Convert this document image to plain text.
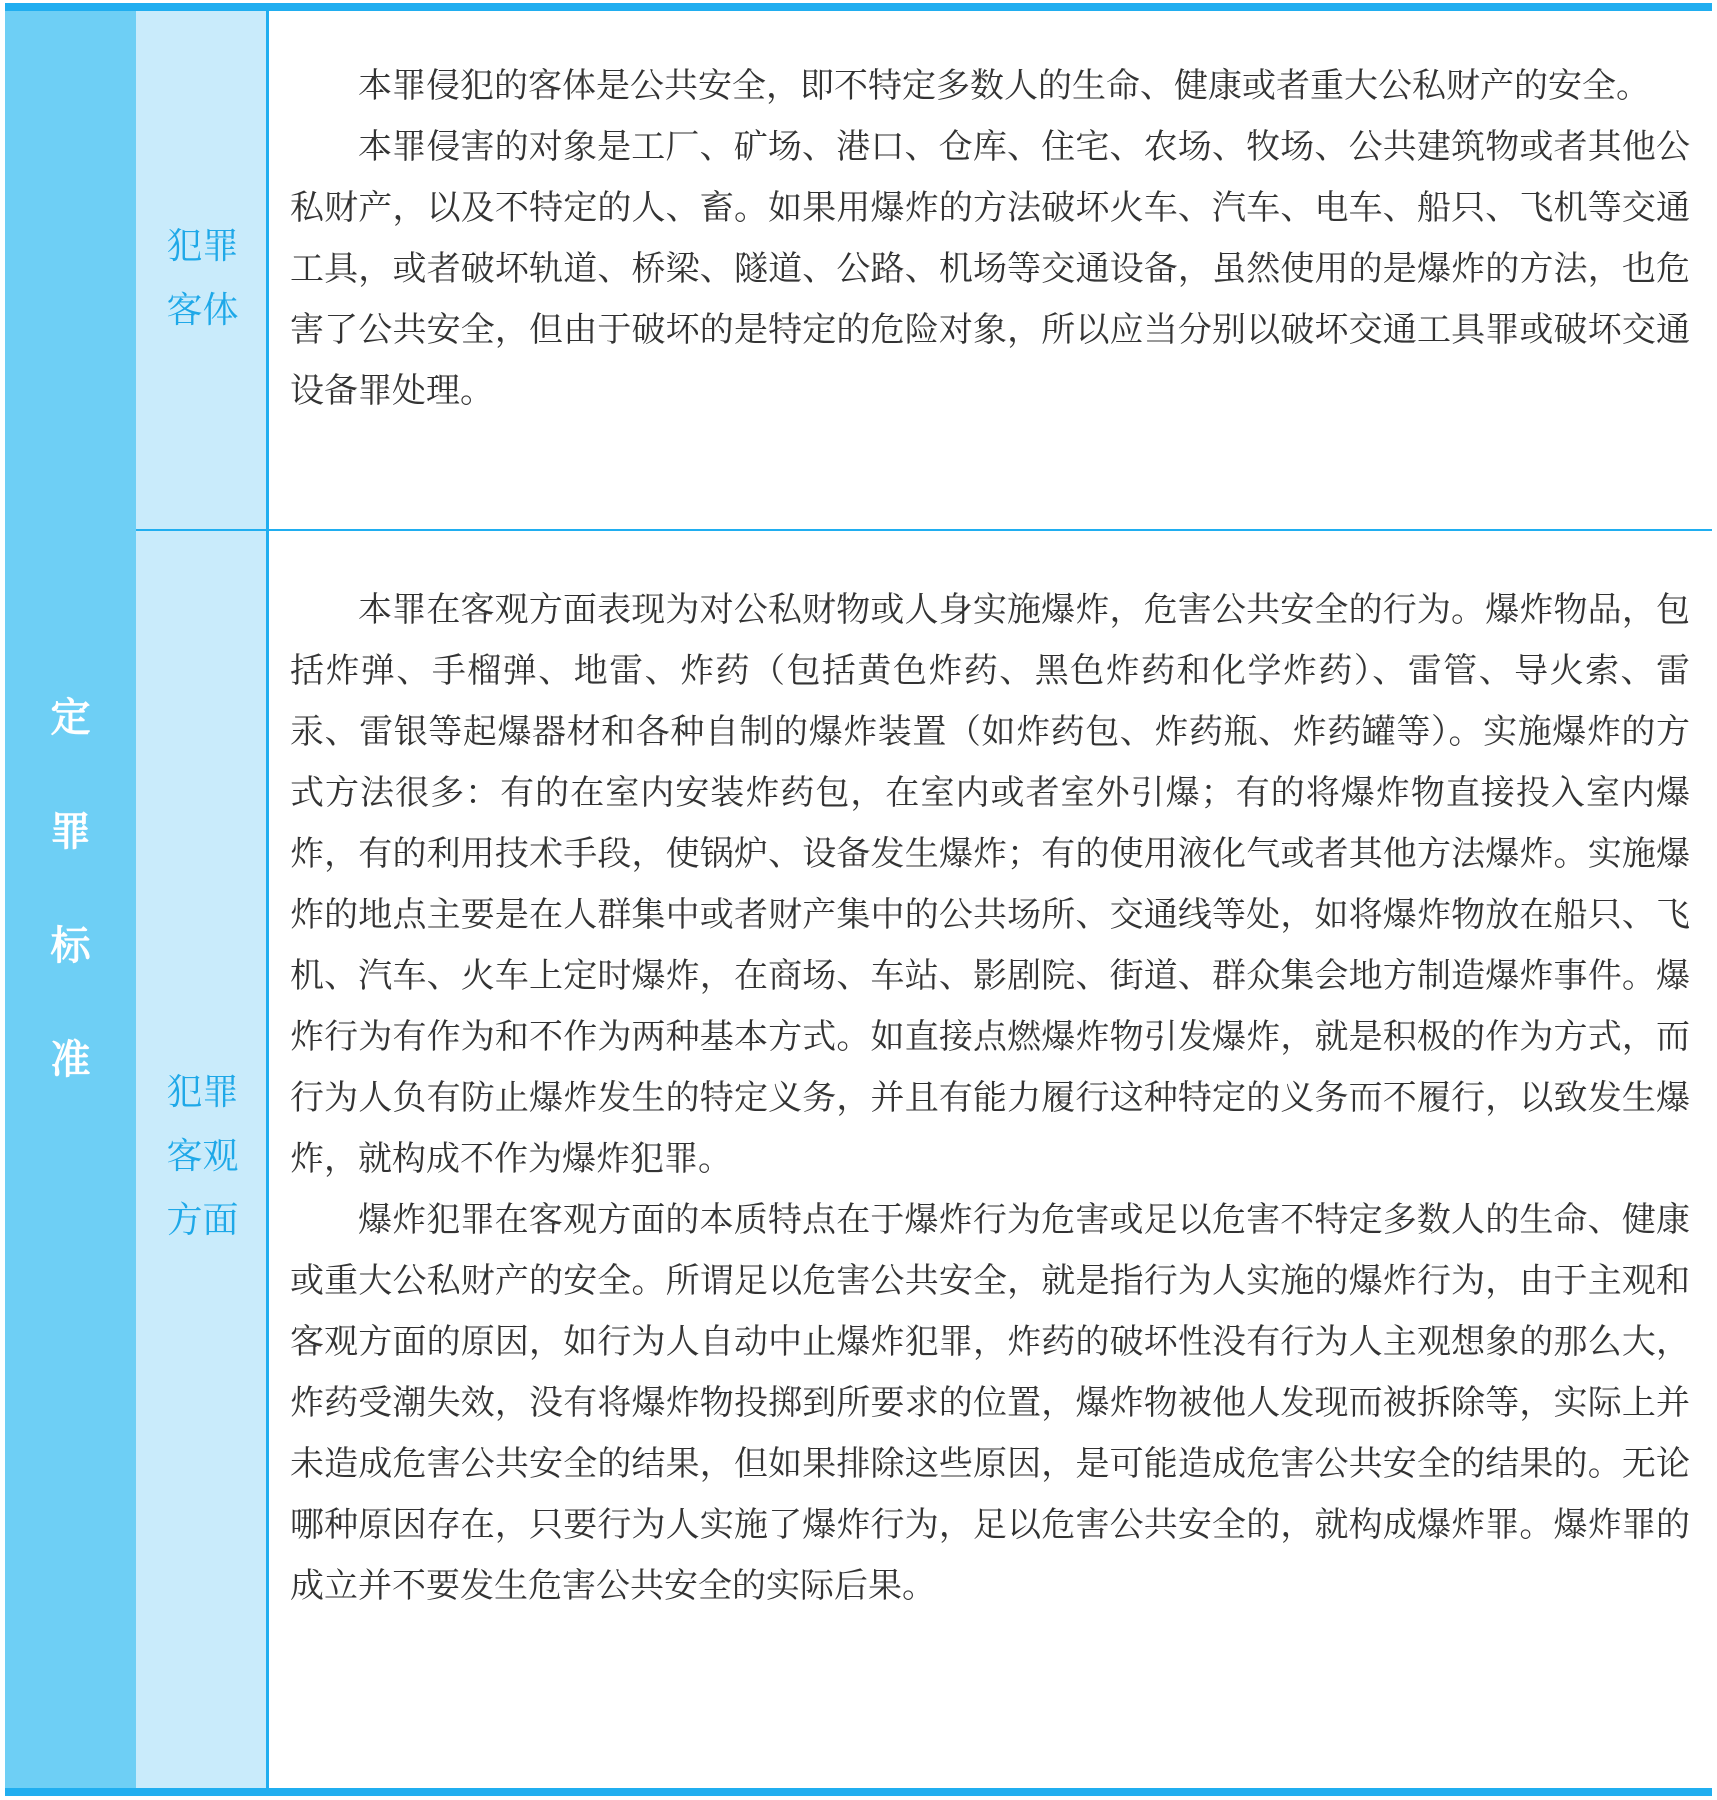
定
罪
标
准
犯罪
客体
犯罪
客观
方面

本罪侵犯的客体是公共安全，即不特定多数人的生命、健康或者重大公私财产的安全。

本罪侵害的对象是工厂、矿场、港口、仓库、住宅、农场、牧场、公共建筑物或者其他公私财产，以及不特定的人、畜。如果用爆炸的方法破坏火车、汽车、电车、船只、飞机等交通工具，或者破坏轨道、桥梁、隧道、公路、机场等交通设备，虽然使用的是爆炸的方法，也危害了公共安全，但由于破坏的是特定的危险对象，所以应当分别以破坏交通工具罪或破坏交通设备罪处理。

本罪在客观方面表现为对公私财物或人身实施爆炸，危害公共安全的行为。爆炸物品，包括炸弹、手榴弹、地雷、炸药（包括黄色炸药、黑色炸药和化学炸药）、雷管、导火索、雷汞、雷银等起爆器材和各种自制的爆炸装置（如炸药包、炸药瓶、炸药罐等）。实施爆炸的方式方法很多：有的在室内安装炸药包，在室内或者室外引爆；有的将爆炸物直接投入室内爆炸，有的利用技术手段，使锅炉、设备发生爆炸；有的使用液化气或者其他方法爆炸。实施爆炸的地点主要是在人群集中或者财产集中的公共场所、交通线等处，如将爆炸物放在船只、飞机、汽车、火车上定时爆炸，在商场、车站、影剧院、街道、群众集会地方制造爆炸事件。爆炸行为有作为和不作为两种基本方式。如直接点燃爆炸物引发爆炸，就是积极的作为方式，而行为人负有防止爆炸发生的特定义务，并且有能力履行这种特定的义务而不履行，以致发生爆炸，就构成不作为爆炸犯罪。

爆炸犯罪在客观方面的本质特点在于爆炸行为危害或足以危害不特定多数人的生命、健康或重大公私财产的安全。所谓足以危害公共安全，就是指行为人实施的爆炸行为，由于主观和客观方面的原因，如行为人自动中止爆炸犯罪，炸药的破坏性没有行为人主观想象的那么大，炸药受潮失效，没有将爆炸物投掷到所要求的位置，爆炸物被他人发现而被拆除等，实际上并未造成危害公共安全的结果，但如果排除这些原因，是可能造成危害公共安全的结果的。无论哪种原因存在，只要行为人实施了爆炸行为，足以危害公共安全的，就构成爆炸罪。爆炸罪的成立并不要发生危害公共安全的实际后果。
